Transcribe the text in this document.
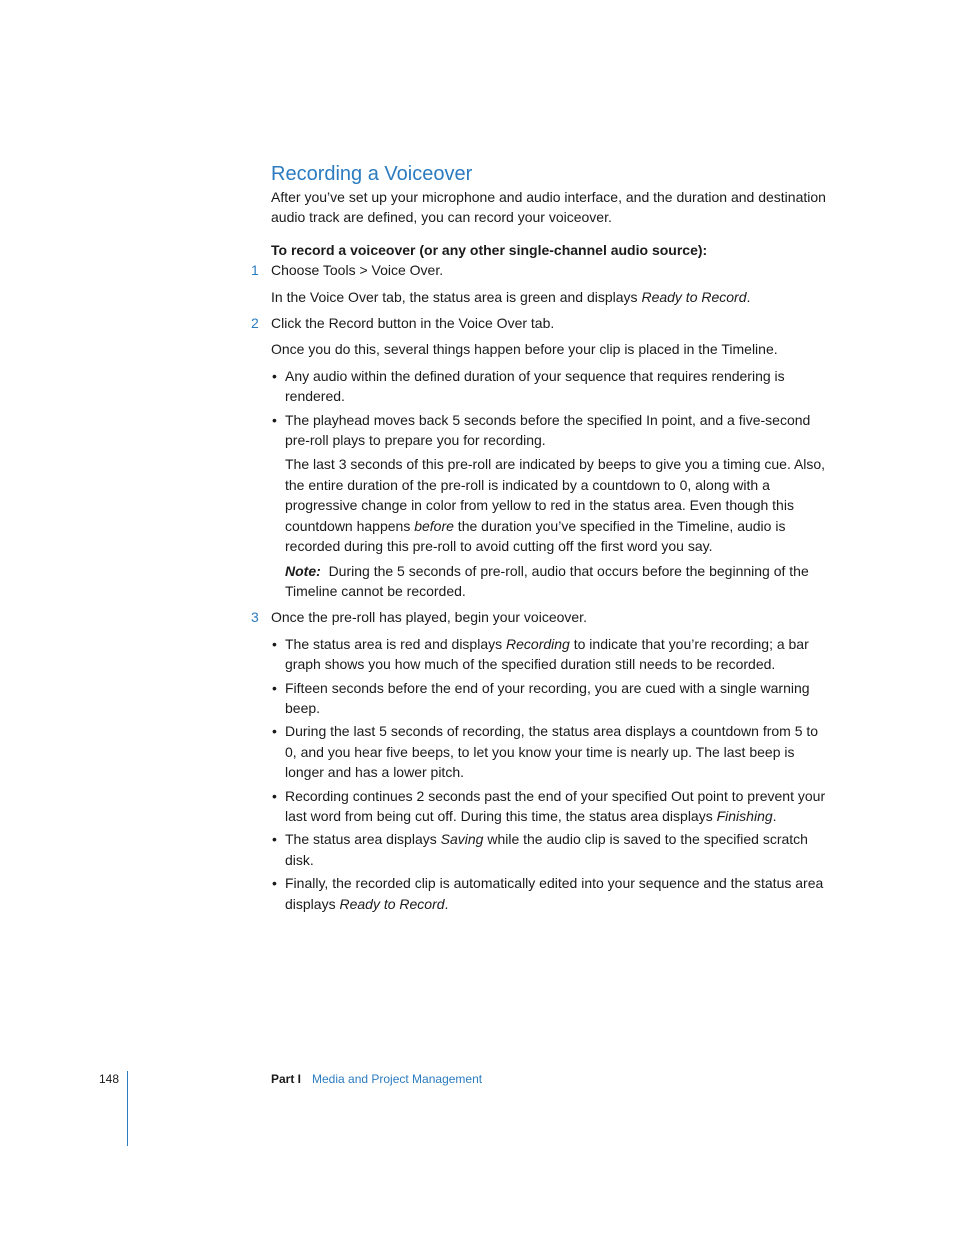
Recording a Voiceover

After you’ve set up your microphone and audio interface, and the duration and destination audio track are defined, you can record your voiceover.

To record a voiceover (or any other single-channel audio source):

1 Choose Tools > Voice Over.

In the Voice Over tab, the status area is green and displays Ready to Record.

2 Click the Record button in the Voice Over tab.

Once you do this, several things happen before your clip is placed in the Timeline.

• Any audio within the defined duration of your sequence that requires rendering is rendered.
• The playhead moves back 5 seconds before the specified In point, and a five-second pre-roll plays to prepare you for recording.

The last 3 seconds of this pre-roll are indicated by beeps to give you a timing cue. Also, the entire duration of the pre-roll is indicated by a countdown to 0, along with a progressive change in color from yellow to red in the status area. Even though this countdown happens before the duration you’ve specified in the Timeline, audio is recorded during this pre-roll to avoid cutting off the first word you say.

Note: During the 5 seconds of pre-roll, audio that occurs before the beginning of the Timeline cannot be recorded.

3 Once the pre-roll has played, begin your voiceover.

• The status area is red and displays Recording to indicate that you’re recording; a bar graph shows you how much of the specified duration still needs to be recorded.
• Fifteen seconds before the end of your recording, you are cued with a single warning beep.
• During the last 5 seconds of recording, the status area displays a countdown from 5 to 0, and you hear five beeps, to let you know your time is nearly up. The last beep is longer and has a lower pitch.
• Recording continues 2 seconds past the end of your specified Out point to prevent your last word from being cut off. During this time, the status area displays Finishing.
• The status area displays Saving while the audio clip is saved to the specified scratch disk.
• Finally, the recorded clip is automatically edited into your sequence and the status area displays Ready to Record.
148	Part I Media and Project Management
